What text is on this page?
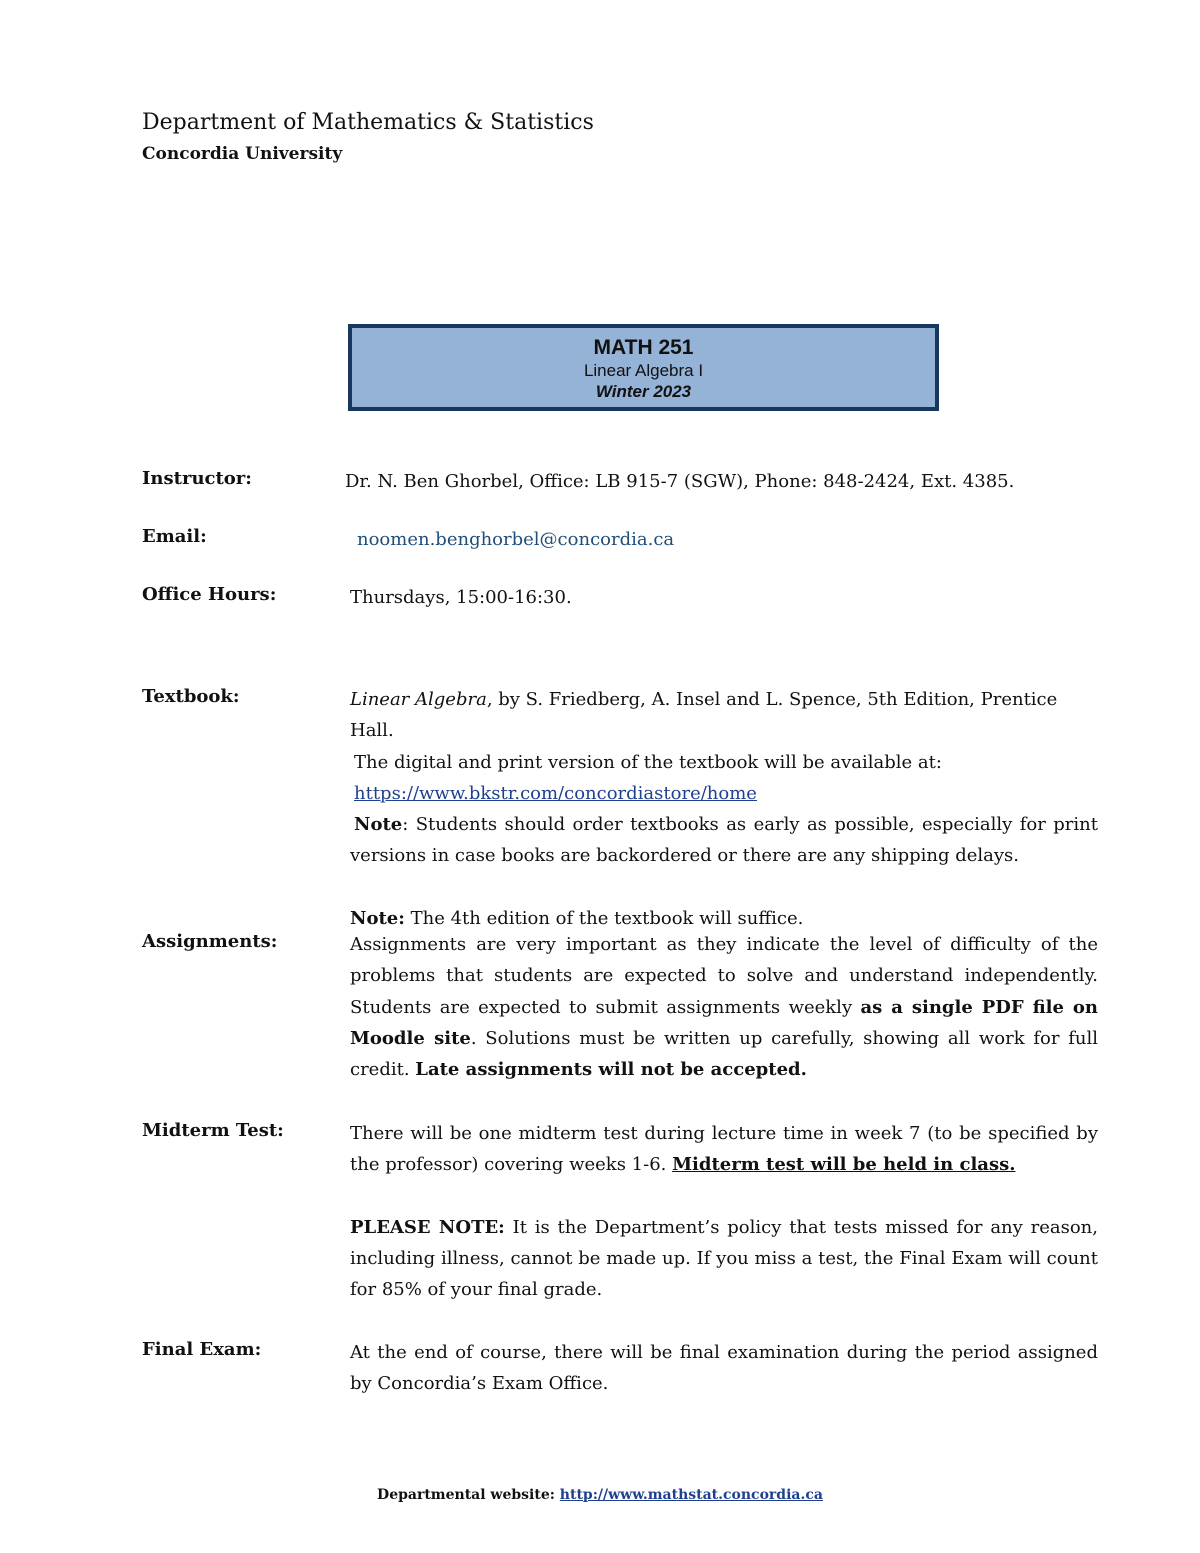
Department of Mathematics & Statistics
Concordia University
MATH 251
Linear Algebra I
Winter 2023
Instructor:	Dr. N. Ben Ghorbel, Office: LB 915-7 (SGW), Phone: 848-2424, Ext. 4385.
Email:	noomen.benghorbel@concordia.ca
Office Hours:	Thursdays, 15:00-16:30.
Textbook:	Linear Algebra, by S. Friedberg, A. Insel and L. Spence, 5th Edition, Prentice Hall.
The digital and print version of the textbook will be available at:
https://www.bkstr.com/concordiastore/home
Note: Students should order textbooks as early as possible, especially for print versions in case books are backordered or there are any shipping delays.
Note: The 4th edition of the textbook will suffice.
Assignments:	Assignments are very important as they indicate the level of difficulty of the problems that students are expected to solve and understand independently. Students are expected to submit assignments weekly as a single PDF file on Moodle site. Solutions must be written up carefully, showing all work for full credit. Late assignments will not be accepted.
Midterm Test:	There will be one midterm test during lecture time in week 7 (to be specified by the professor) covering weeks 1-6. Midterm test will be held in class.
PLEASE NOTE: It is the Department’s policy that tests missed for any reason, including illness, cannot be made up. If you miss a test, the Final Exam will count for 85% of your final grade.
Final Exam:	At the end of course, there will be final examination during the period assigned by Concordia’s Exam Office.
Departmental website: http://www.mathstat.concordia.ca
